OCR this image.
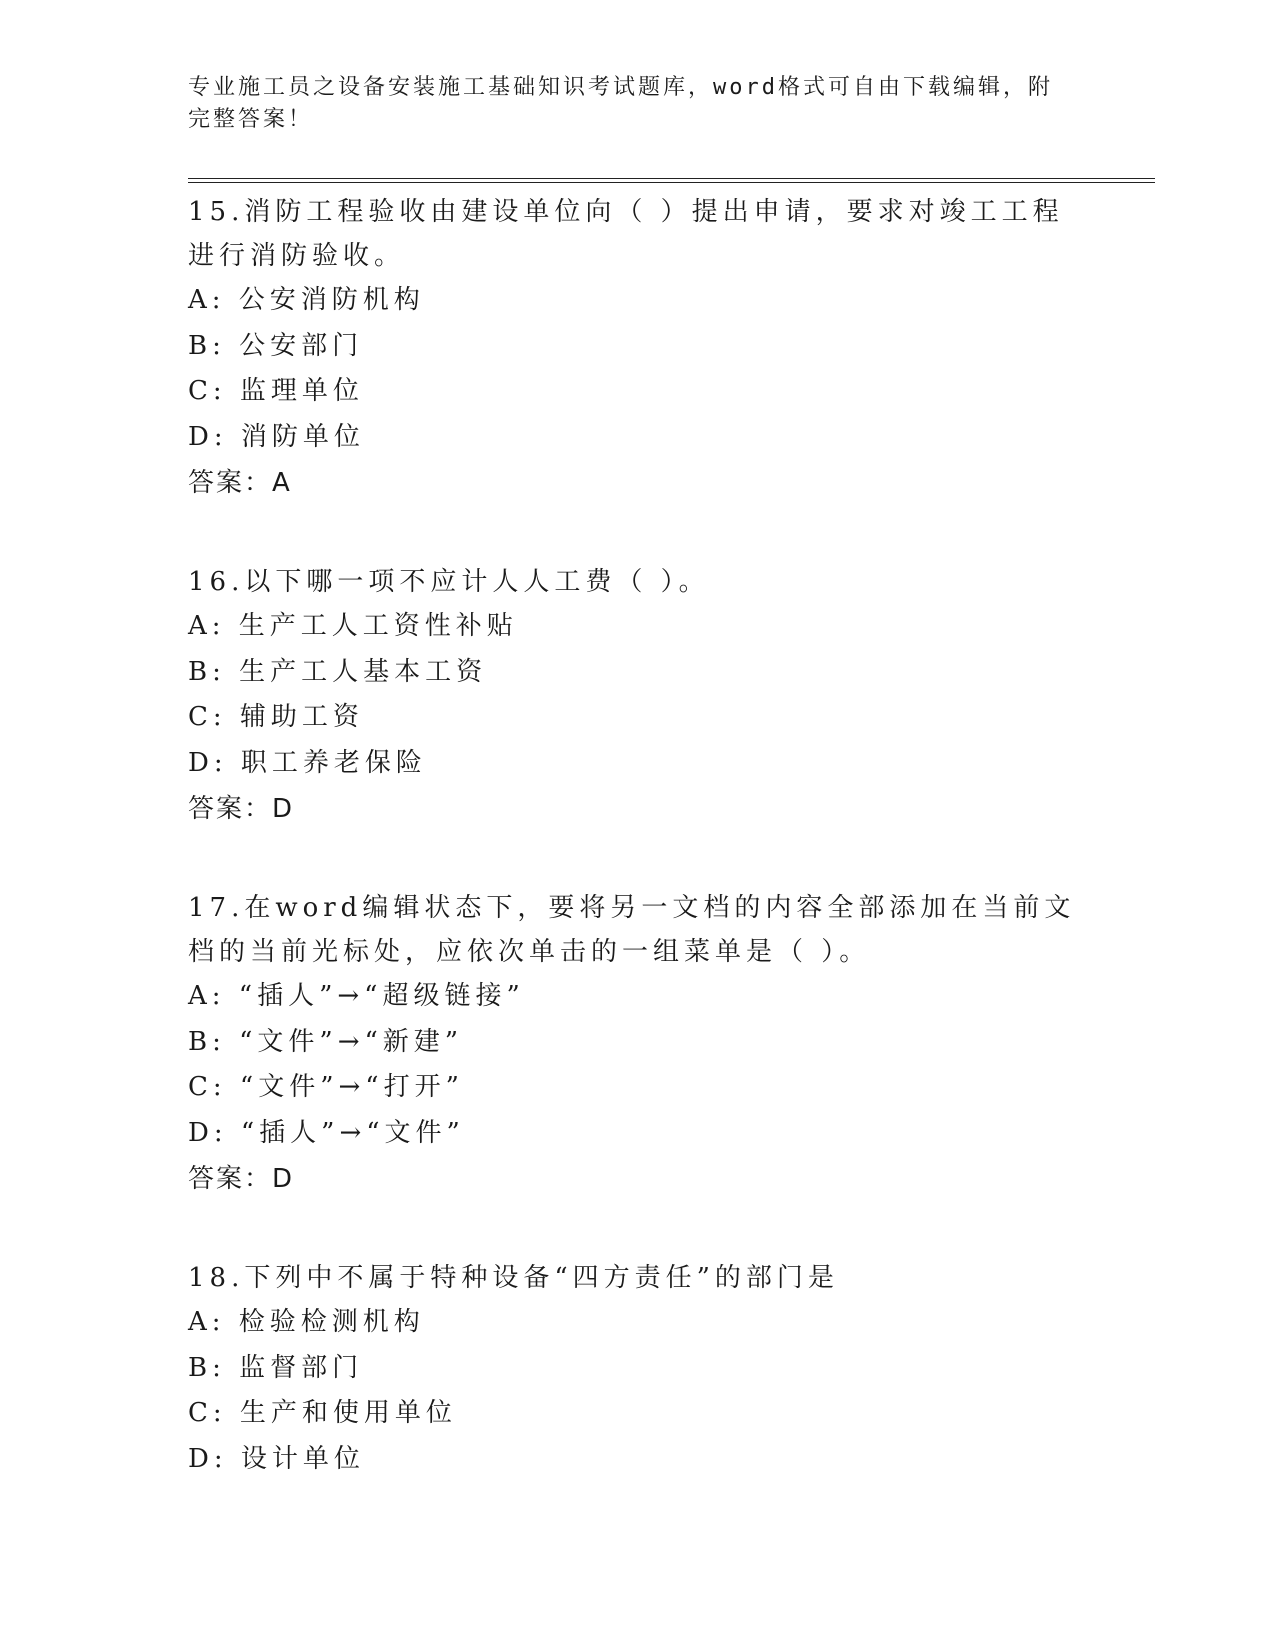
专业施工员之设备安装施工基础知识考试题库，word格式可自由下载编辑，附完整答案！

15.消防工程验收由建设单位向（ ）提出申请，要求对竣工工程进行消防验收。

A: 公安消防机构
B: 公安部门
C: 监理单位
D: 消防单位
答案：A

16.以下哪一项不应计人人工费（ ）。

A: 生产工人工资性补贴
B: 生产工人基本工资
C: 辅助工资
D: 职工养老保险
答案：D

17.在word编辑状态下，要将另一文档的内容全部添加在当前文档的当前光标处，应依次单击的一组菜单是（ ）。

A: “插人”→“超级链接”
B: “文件”→“新建”
C: “文件”→“打开”
D: “插人”→“文件”
答案：D

18.下列中不属于特种设备“四方责任”的部门是

A: 检验检测机构
B: 监督部门
C: 生产和使用单位
D: 设计单位
